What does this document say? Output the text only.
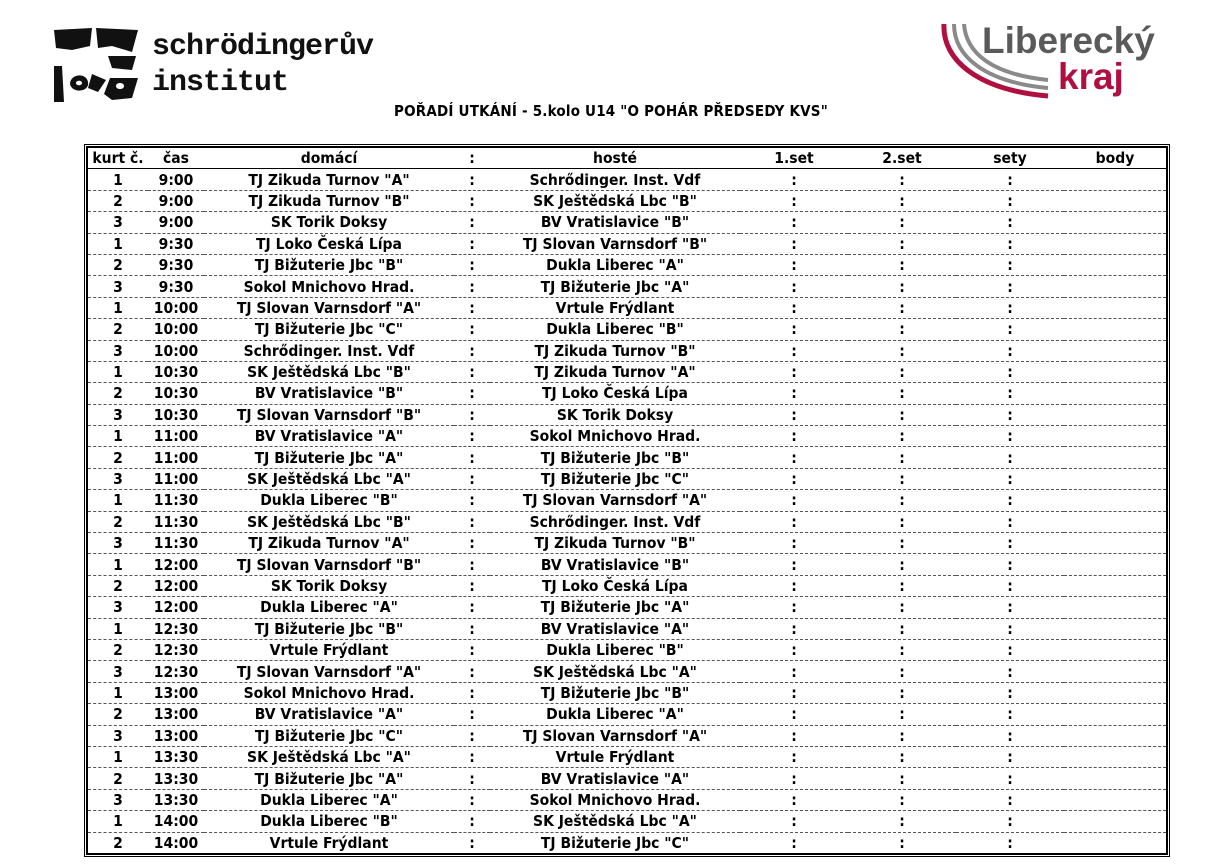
schrödingerův
institut
Liberecký
kraj
POŘADÍ UTKÁNÍ - 5.kolo U14 "O POHÁR PŘEDSEDY KVS"
kurt č.	čas	domácí	:	hosté	1.set	2.set	sety	body
1	9:00	TJ Zikuda Turnov "A"	:	Schrődinger. Inst. Vdf	:	:	:	
2	9:00	TJ Zikuda Turnov "B"	:	SK Ještědská Lbc "B"	:	:	:	
3	9:00	SK Torik Doksy	:	BV Vratislavice "B"	:	:	:	
1	9:30	TJ Loko Česká Lípa	:	TJ Slovan Varnsdorf "B"	:	:	:	
2	9:30	TJ Bižuterie Jbc "B"	:	Dukla Liberec "A"	:	:	:	
3	9:30	Sokol Mnichovo Hrad.	:	TJ Bižuterie Jbc "A"	:	:	:	
1	10:00	TJ Slovan Varnsdorf "A"	:	Vrtule Frýdlant	:	:	:	
2	10:00	TJ Bižuterie Jbc "C"	:	Dukla Liberec "B"	:	:	:	
3	10:00	Schrődinger. Inst. Vdf	:	TJ Zikuda Turnov "B"	:	:	:	
1	10:30	SK Ještědská Lbc "B"	:	TJ Zikuda Turnov "A"	:	:	:	
2	10:30	BV Vratislavice "B"	:	TJ Loko Česká Lípa	:	:	:	
3	10:30	TJ Slovan Varnsdorf "B"	:	SK Torik Doksy	:	:	:	
1	11:00	BV Vratislavice "A"	:	Sokol Mnichovo Hrad.	:	:	:	
2	11:00	TJ Bižuterie Jbc "A"	:	TJ Bižuterie Jbc "B"	:	:	:	
3	11:00	SK Ještědská Lbc "A"	:	TJ Bižuterie Jbc "C"	:	:	:	
1	11:30	Dukla Liberec "B"	:	TJ Slovan Varnsdorf "A"	:	:	:	
2	11:30	SK Ještědská Lbc "B"	:	Schrődinger. Inst. Vdf	:	:	:	
3	11:30	TJ Zikuda Turnov "A"	:	TJ Zikuda Turnov "B"	:	:	:	
1	12:00	TJ Slovan Varnsdorf "B"	:	BV Vratislavice "B"	:	:	:	
2	12:00	SK Torik Doksy	:	TJ Loko Česká Lípa	:	:	:	
3	12:00	Dukla Liberec "A"	:	TJ Bižuterie Jbc "A"	:	:	:	
1	12:30	TJ Bižuterie Jbc "B"	:	BV Vratislavice "A"	:	:	:	
2	12:30	Vrtule Frýdlant	:	Dukla Liberec "B"	:	:	:	
3	12:30	TJ Slovan Varnsdorf "A"	:	SK Ještědská Lbc "A"	:	:	:	
1	13:00	Sokol Mnichovo Hrad.	:	TJ Bižuterie Jbc "B"	:	:	:	
2	13:00	BV Vratislavice "A"	:	Dukla Liberec "A"	:	:	:	
3	13:00	TJ Bižuterie Jbc "C"	:	TJ Slovan Varnsdorf "A"	:	:	:	
1	13:30	SK Ještědská Lbc "A"	:	Vrtule Frýdlant	:	:	:	
2	13:30	TJ Bižuterie Jbc "A"	:	BV Vratislavice "A"	:	:	:	
3	13:30	Dukla Liberec "A"	:	Sokol Mnichovo Hrad.	:	:	:	
1	14:00	Dukla Liberec "B"	:	SK Ještědská Lbc "A"	:	:	:	
2	14:00	Vrtule Frýdlant	:	TJ Bižuterie Jbc "C"	:	:	:	
